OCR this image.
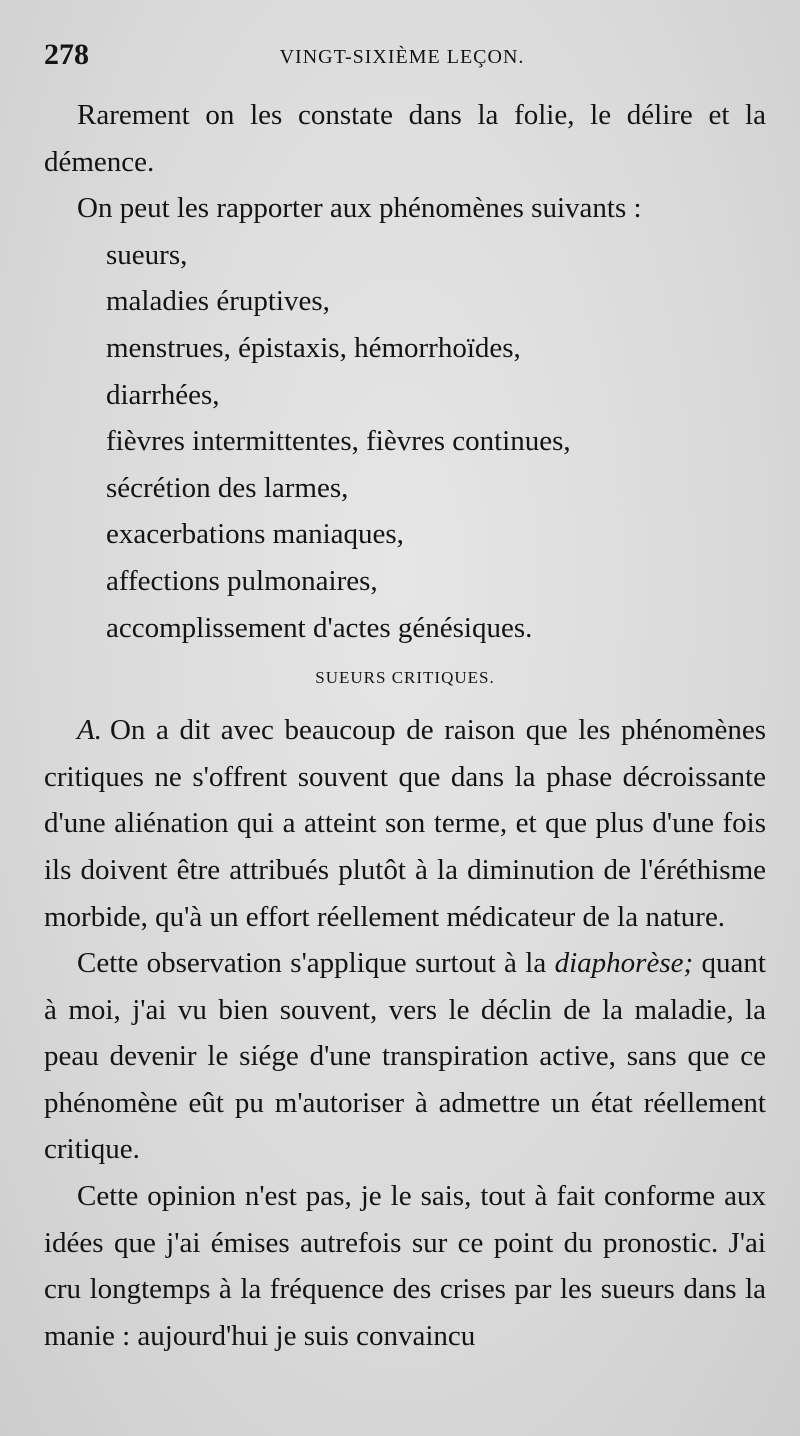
278	VINGT-SIXIÈME LEÇON.

Rarement on les constate dans la folie, le délire et la démence.

On peut les rapporter aux phénomènes suivants :

sueurs,
maladies éruptives,
menstrues, épistaxis, hémorrhoïdes,
diarrhées,
fièvres intermittentes, fièvres continues,
sécrétion des larmes,
exacerbations maniaques,
affections pulmonaires,
accomplissement d'actes génésiques.
SUEURS CRITIQUES.

A. On a dit avec beaucoup de raison que les phénomènes critiques ne s'offrent souvent que dans la phase décroissante d'une aliénation qui a atteint son terme, et que plus d'une fois ils doivent être attribués plutôt à la diminution de l'éréthisme morbide, qu'à un effort réellement médicateur de la nature.

Cette observation s'applique surtout à la diaphorèse; quant à moi, j'ai vu bien souvent, vers le déclin de la maladie, la peau devenir le siége d'une transpiration active, sans que ce phénomène eût pu m'autoriser à admettre un état réellement critique.

Cette opinion n'est pas, je le sais, tout à fait conforme aux idées que j'ai émises autrefois sur ce point du pronostic. J'ai cru longtemps à la fréquence des crises par les sueurs dans la manie : aujourd'hui je suis convaincu
